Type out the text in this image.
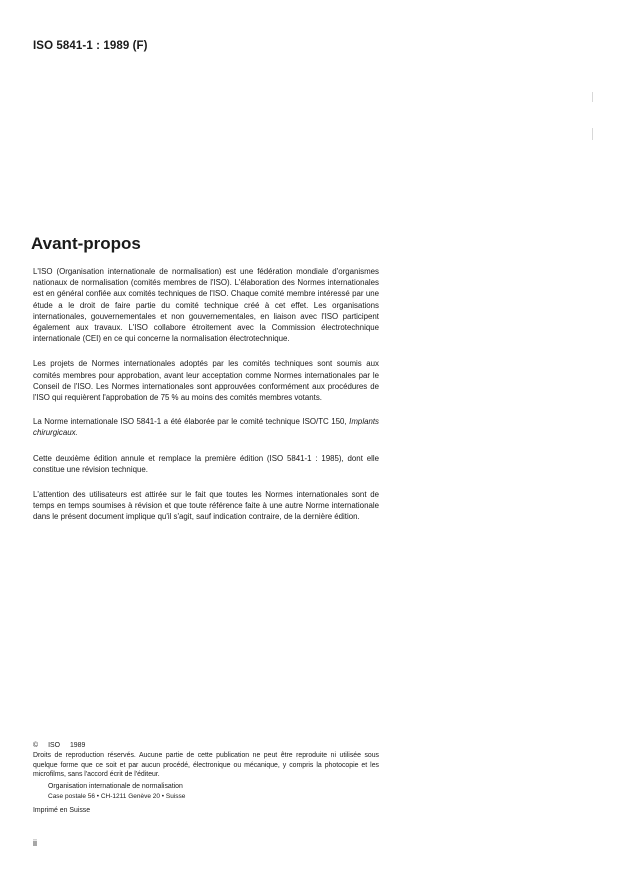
ISO 5841-1 : 1989 (F)
Avant-propos

L'ISO (Organisation internationale de normalisation) est une fédération mondiale d'organismes nationaux de normalisation (comités membres de l'ISO). L'élaboration des Normes internationales est en général confiée aux comités techniques de l'ISO. Chaque comité membre intéressé par une étude a le droit de faire partie du comité technique créé à cet effet. Les organisations internationales, gouvernementales et non gouvernementales, en liaison avec l'ISO participent également aux travaux. L'ISO collabore étroitement avec la Commission électrotechnique internationale (CEI) en ce qui concerne la normalisation électrotechnique.

Les projets de Normes internationales adoptés par les comités techniques sont soumis aux comités membres pour approbation, avant leur acceptation comme Normes internationales par le Conseil de l'ISO. Les Normes internationales sont approuvées conformément aux procédures de l'ISO qui requièrent l'approbation de 75 % au moins des comités membres votants.

La Norme internationale ISO 5841-1 a été élaborée par le comité technique ISO/TC 150, Implants chirurgicaux.

Cette deuxième édition annule et remplace la première édition (ISO 5841-1 : 1985), dont elle constitue une révision technique.

L'attention des utilisateurs est attirée sur le fait que toutes les Normes internationales sont de temps en temps soumises à révision et que toute référence faite à une autre Norme internationale dans le présent document implique qu'il s'agit, sauf indication contraire, de la dernière édition.

© ISO 1989
Droits de reproduction réservés. Aucune partie de cette publication ne peut être reproduite ni utilisée sous quelque forme que ce soit et par aucun procédé, électronique ou mécanique, y compris la photocopie et les microfilms, sans l'accord écrit de l'éditeur.
Organisation internationale de normalisation
Case postale 56 • CH-1211 Genève 20 • Suisse
Imprimé en Suisse
ii
